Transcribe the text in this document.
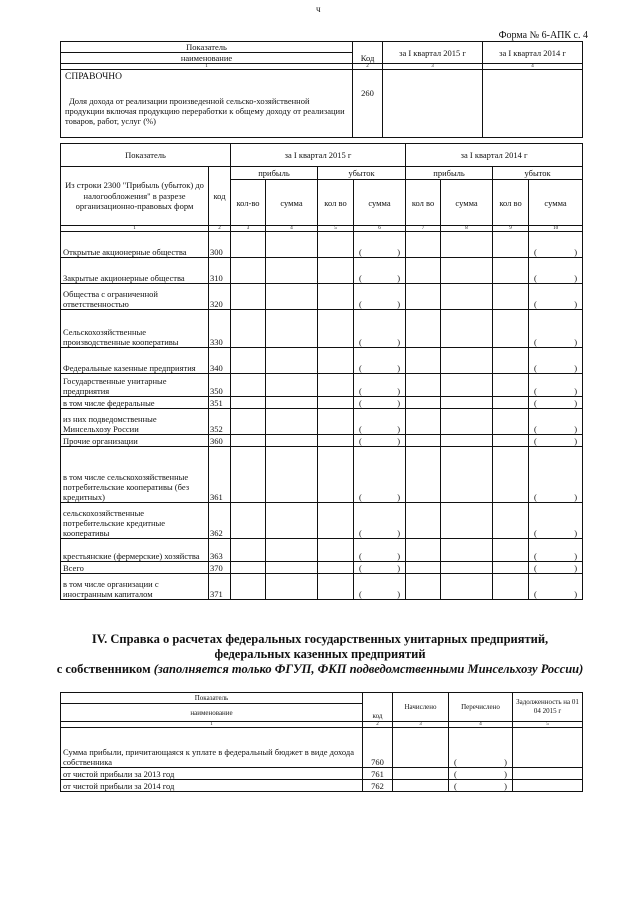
ч
Форма № 6-АПК с. 4
Показатель	Код	за I квартал 2015 г	за I квартал 2014 г
наименование			
1	2	3	4

СПРАВОЧНО
Доля дохода от реализации произведенной сельско-хозяйственной продукции включая продукцию переработки к общему доходу от реализации товаров, работ, услуг (%)	260		
Показатель		за I квартал 2015 г				за I квартал 2014 г			
Из строки 2300 "Прибыль (убыток) до налогообложения" в разрезе организационно-правовых форм	код	прибыль		убыток		прибыль		убыток	
		кол-во	сумма	кол во	сумма	кол во	сумма	кол во	сумма
1	2	3	4	5	6	7	8	9	10
Открытые акционерные общества	300				( )				( )

Закрытые акционерные общества	310				( )				( )

Общества с ограниченной ответственностью	320				( )				( )

Сельскохозяйственные производственные кооперативы	330				( )				( )

Федеральные казенные предприятия	340				( )				( )

Государственные унитарные предприятия	350				( )				( )

в том числе федеральные	351				( )				( )

из них подведомственные Минсельхозу России	352				( )				( )

Прочие организации	360				( )				( )

в том числе сельскохозяйственные потребительские кооперативы (без кредитных)	361				( )				( )

сельскохозяйственные потребительские кредитные кооперативы	362				( )				( )

крестьянские (фермерские) хозяйства	363				( )				( )

Всего	370				( )				( )

в том числе организации с иностранным капиталом	371				( )				( )
IV. Справка о расчетах федеральных государственных унитарных предприятий,
федеральных казенных предприятий
с собственником (заполняется только ФГУП, ФКП подведомственными Минсельхозу России)
Показатель	код	Начислено	Перечислено	Задолженность на 01 04 2015 г
наименование				
1	2	3	4	5
Сумма прибыли, причитающаяся к уплате в федеральный бюджет в виде дохода собственника	760		( )	

от чистой прибыли за 2013 год	761		( )	

от чистой прибыли за 2014 год	762		( )	
